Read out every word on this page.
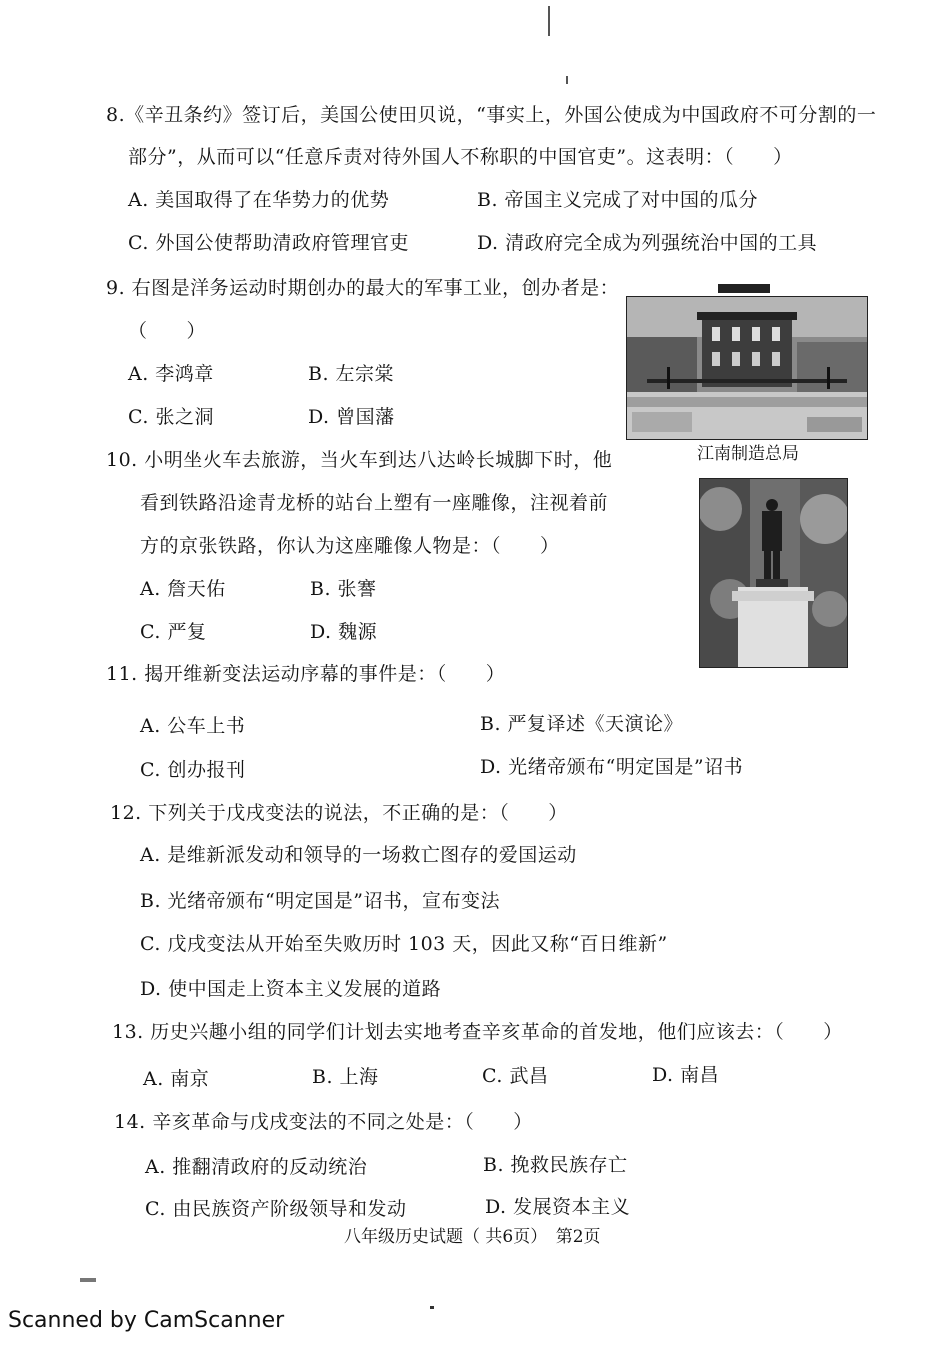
8.《辛丑条约》签订后，美国公使田贝说，“事实上，外国公使成为中国政府不可分割的一
部分”，从而可以“任意斥责对待外国人不称职的中国官吏”。这表明：（　　）
A. 美国取得了在华势力的优势	B. 帝国主义完成了对中国的瓜分
C. 外国公使帮助清政府管理官吏	D. 清政府完全成为列强统治中国的工具
9. 右图是洋务运动时期创办的最大的军事工业，创办者是：
（　　）
A. 李鸿章	B. 左宗棠
C. 张之洞	D. 曾国藩
江南制造总局
10. 小明坐火车去旅游，当火车到达八达岭长城脚下时，他
看到铁路沿途青龙桥的站台上塑有一座雕像，注视着前
方的京张铁路，你认为这座雕像人物是：（　　）
A. 詹天佑	B. 张謇
C. 严复	D. 魏源
11. 揭开维新变法运动序幕的事件是：（　　）
A. 公车上书	B. 严复译述《天演论》
C. 创办报刊	D. 光绪帝颁布“明定国是”诏书
12. 下列关于戊戌变法的说法，不正确的是：（　　）
A. 是维新派发动和领导的一场救亡图存的爱国运动
B. 光绪帝颁布“明定国是”诏书，宣布变法
C. 戊戌变法从开始至失败历时 103 天，因此又称“百日维新”
D. 使中国走上资本主义发展的道路
13. 历史兴趣小组的同学们计划去实地考查辛亥革命的首发地，他们应该去：（　　）
A. 南京	B. 上海	C. 武昌	D. 南昌
14. 辛亥革命与戊戌变法的不同之处是：（　　）
A. 推翻清政府的反动统治	B. 挽救民族存亡
C. 由民族资产阶级领导和发动	D. 发展资本主义
八年级历史试题（ 共6页）　第2页
Scanned by CamScanner
